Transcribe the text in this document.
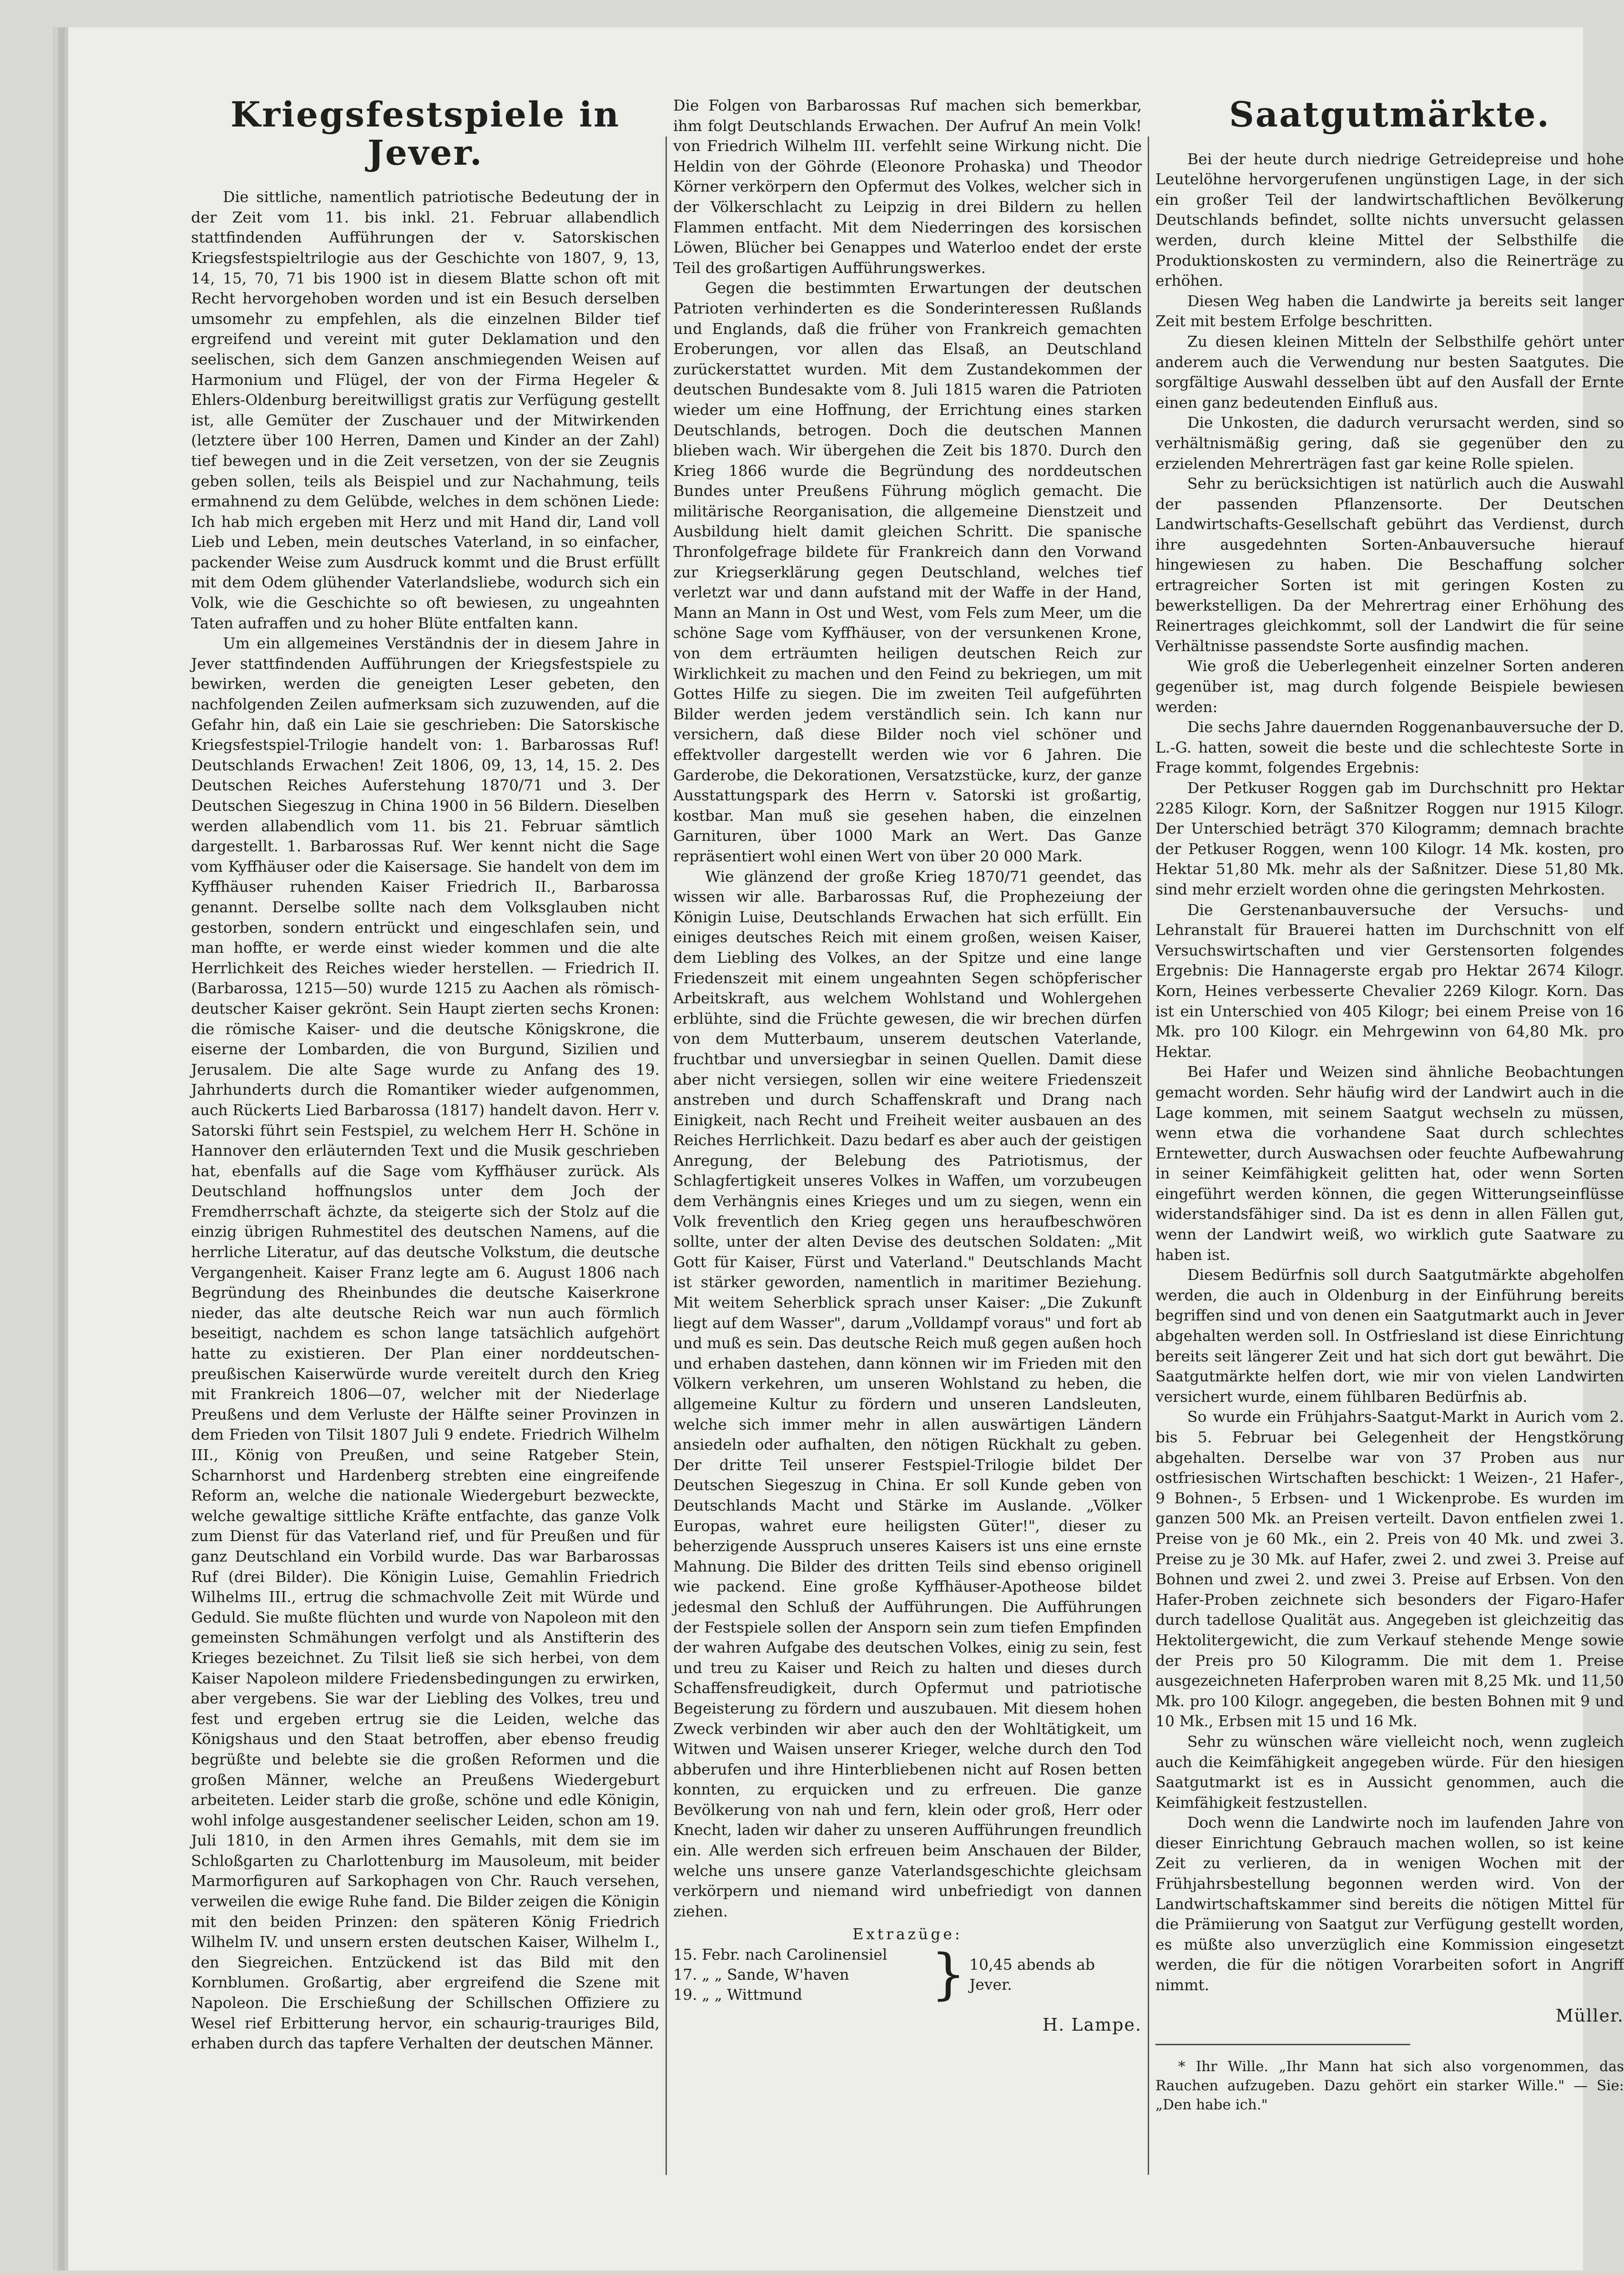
Kriegsfestspiele in Jever.

Die sittliche, namentlich patriotische Bedeutung der in der Zeit vom 11. bis inkl. 21. Februar allabendlich stattfindenden Aufführungen der v. Satorskischen Kriegsfestspieltrilogie aus der Geschichte von 1807, 9, 13, 14, 15, 70, 71 bis 1900 ist in diesem Blatte schon oft mit Recht hervorgehoben worden und ist ein Besuch derselben umsomehr zu empfehlen, als die einzelnen Bilder tief ergreifend und vereint mit guter Deklamation und den seelischen, sich dem Ganzen anschmiegenden Weisen auf Harmonium und Flügel, der von der Firma Hegeler & Ehlers-Oldenburg bereitwilligst gratis zur Verfügung gestellt ist, alle Gemüter der Zuschauer und der Mitwirkenden (letztere über 100 Herren, Damen und Kinder an der Zahl) tief bewegen und in die Zeit versetzen, von der sie Zeugnis geben sollen, teils als Beispiel und zur Nachahmung, teils ermahnend zu dem Gelübde, welches in dem schönen Liede: Ich hab mich ergeben mit Herz und mit Hand dir, Land voll Lieb und Leben, mein deutsches Vaterland, in so einfacher, packender Weise zum Ausdruck kommt und die Brust erfüllt mit dem Odem glühender Vaterlandsliebe, wodurch sich ein Volk, wie die Geschichte so oft bewiesen, zu ungeahnten Taten aufraffen und zu hoher Blüte entfalten kann.

Um ein allgemeines Verständnis der in diesem Jahre in Jever stattfindenden Aufführungen der Kriegsfestspiele zu bewirken, werden die geneigten Leser gebeten, den nachfolgenden Zeilen aufmerksam sich zuzuwenden, auf die Gefahr hin, daß ein Laie sie geschrieben: Die Satorskische Kriegsfestspiel-Trilogie handelt von: 1. Barbarossas Ruf! Deutschlands Erwachen! Zeit 1806, 09, 13, 14, 15. 2. Des Deutschen Reiches Auferstehung 1870/71 und 3. Der Deutschen Siegeszug in China 1900 in 56 Bildern. Dieselben werden allabendlich vom 11. bis 21. Februar sämtlich dargestellt. 1. Barbarossas Ruf. Wer kennt nicht die Sage vom Kyffhäuser oder die Kaisersage. Sie handelt von dem im Kyffhäuser ruhenden Kaiser Friedrich II., Barbarossa genannt. Derselbe sollte nach dem Volksglauben nicht gestorben, sondern entrückt und eingeschlafen sein, und man hoffte, er werde einst wieder kommen und die alte Herrlichkeit des Reiches wieder herstellen. — Friedrich II. (Barbarossa, 1215—50) wurde 1215 zu Aachen als römisch-deutscher Kaiser gekrönt. Sein Haupt zierten sechs Kronen: die römische Kaiser- und die deutsche Königskrone, die eiserne der Lombarden, die von Burgund, Sizilien und Jerusalem. Die alte Sage wurde zu Anfang des 19. Jahrhunderts durch die Romantiker wieder aufgenommen, auch Rückerts Lied Barbarossa (1817) handelt davon. Herr v. Satorski führt sein Festspiel, zu welchem Herr H. Schöne in Hannover den erläuternden Text und die Musik geschrieben hat, ebenfalls auf die Sage vom Kyffhäuser zurück. Als Deutschland hoffnungslos unter dem Joch der Fremdherrschaft ächzte, da steigerte sich der Stolz auf die einzig übrigen Ruhmestitel des deutschen Namens, auf die herrliche Literatur, auf das deutsche Volkstum, die deutsche Vergangenheit. Kaiser Franz legte am 6. August 1806 nach Begründung des Rheinbundes die deutsche Kaiserkrone nieder, das alte deutsche Reich war nun auch förmlich beseitigt, nachdem es schon lange tatsächlich aufgehört hatte zu existieren. Der Plan einer norddeutschen-preußischen Kaiserwürde wurde vereitelt durch den Krieg mit Frankreich 1806—07, welcher mit der Niederlage Preußens und dem Verluste der Hälfte seiner Provinzen in dem Frieden von Tilsit 1807 Juli 9 endete. Friedrich Wilhelm III., König von Preußen, und seine Ratgeber Stein, Scharnhorst und Hardenberg strebten eine eingreifende Reform an, welche die nationale Wiedergeburt bezweckte, welche gewaltige sittliche Kräfte entfachte, das ganze Volk zum Dienst für das Vaterland rief, und für Preußen und für ganz Deutschland ein Vorbild wurde. Das war Barbarossas Ruf (drei Bilder). Die Königin Luise, Gemahlin Friedrich Wilhelms III., ertrug die schmachvolle Zeit mit Würde und Geduld. Sie mußte flüchten und wurde von Napoleon mit den gemeinsten Schmähungen verfolgt und als Anstifterin des Krieges bezeichnet. Zu Tilsit ließ sie sich herbei, von dem Kaiser Napoleon mildere Friedensbedingungen zu erwirken, aber vergebens. Sie war der Liebling des Volkes, treu und fest und ergeben ertrug sie die Leiden, welche das Königshaus und den Staat betroffen, aber ebenso freudig begrüßte und belebte sie die großen Reformen und die großen Männer, welche an Preußens Wiedergeburt arbeiteten. Leider starb die große, schöne und edle Königin, wohl infolge ausgestandener seelischer Leiden, schon am 19. Juli 1810, in den Armen ihres Gemahls, mit dem sie im Schloßgarten zu Charlottenburg im Mausoleum, mit beider Marmorfiguren auf Sarkophagen von Chr. Rauch versehen, verweilen die ewige Ruhe fand. Die Bilder zeigen die Königin mit den beiden Prinzen: den späteren König Friedrich Wilhelm IV. und unsern ersten deutschen Kaiser, Wilhelm I., den Siegreichen. Entzückend ist das Bild mit den Kornblumen. Großartig, aber ergreifend die Szene mit Napoleon. Die Erschießung der Schillschen Offiziere zu Wesel rief Erbitterung hervor, ein schaurig-trauriges Bild, erhaben durch das tapfere Verhalten der deutschen Männer.

Die Folgen von Barbarossas Ruf machen sich bemerkbar, ihm folgt Deutschlands Erwachen. Der Aufruf An mein Volk! von Friedrich Wilhelm III. verfehlt seine Wirkung nicht. Die Heldin von der Göhrde (Eleonore Prohaska) und Theodor Körner verkörpern den Opfermut des Volkes, welcher sich in der Völkerschlacht zu Leipzig in drei Bildern zu hellen Flammen entfacht. Mit dem Niederringen des korsischen Löwen, Blücher bei Genappes und Waterloo endet der erste Teil des großartigen Aufführungswerkes.

Gegen die bestimmten Erwartungen der deutschen Patrioten verhinderten es die Sonderinteressen Rußlands und Englands, daß die früher von Frankreich gemachten Eroberungen, vor allen das Elsaß, an Deutschland zurückerstattet wurden. Mit dem Zustandekommen der deutschen Bundesakte vom 8. Juli 1815 waren die Patrioten wieder um eine Hoffnung, der Errichtung eines starken Deutschlands, betrogen. Doch die deutschen Mannen blieben wach. Wir übergehen die Zeit bis 1870. Durch den Krieg 1866 wurde die Begründung des norddeutschen Bundes unter Preußens Führung möglich gemacht. Die militärische Reorganisation, die allgemeine Dienstzeit und Ausbildung hielt damit gleichen Schritt. Die spanische Thronfolgefrage bildete für Frankreich dann den Vorwand zur Kriegserklärung gegen Deutschland, welches tief verletzt war und dann aufstand mit der Waffe in der Hand, Mann an Mann in Ost und West, vom Fels zum Meer, um die schöne Sage vom Kyffhäuser, von der versunkenen Krone, von dem erträumten heiligen deutschen Reich zur Wirklichkeit zu machen und den Feind zu bekriegen, um mit Gottes Hilfe zu siegen. Die im zweiten Teil aufgeführten Bilder werden jedem verständlich sein. Ich kann nur versichern, daß diese Bilder noch viel schöner und effektvoller dargestellt werden wie vor 6 Jahren. Die Garderobe, die Dekorationen, Versatzstücke, kurz, der ganze Ausstattungspark des Herrn v. Satorski ist großartig, kostbar. Man muß sie gesehen haben, die einzelnen Garnituren, über 1000 Mark an Wert. Das Ganze repräsentiert wohl einen Wert von über 20 000 Mark.

Wie glänzend der große Krieg 1870/71 geendet, das wissen wir alle. Barbarossas Ruf, die Prophezeiung der Königin Luise, Deutschlands Erwachen hat sich erfüllt. Ein einiges deutsches Reich mit einem großen, weisen Kaiser, dem Liebling des Volkes, an der Spitze und eine lange Friedenszeit mit einem ungeahnten Segen schöpferischer Arbeitskraft, aus welchem Wohlstand und Wohlergehen erblühte, sind die Früchte gewesen, die wir brechen dürfen von dem Mutterbaum, unserem deutschen Vaterlande, fruchtbar und unversiegbar in seinen Quellen. Damit diese aber nicht versiegen, sollen wir eine weitere Friedenszeit anstreben und durch Schaffenskraft und Drang nach Einigkeit, nach Recht und Freiheit weiter ausbauen an des Reiches Herrlichkeit. Dazu bedarf es aber auch der geistigen Anregung, der Belebung des Patriotismus, der Schlagfertigkeit unseres Volkes in Waffen, um vorzubeugen dem Verhängnis eines Krieges und um zu siegen, wenn ein Volk freventlich den Krieg gegen uns heraufbeschwören sollte, unter der alten Devise des deutschen Soldaten: „Mit Gott für Kaiser, Fürst und Vaterland." Deutschlands Macht ist stärker geworden, namentlich in maritimer Beziehung. Mit weitem Seherblick sprach unser Kaiser: „Die Zukunft liegt auf dem Wasser", darum „Volldampf voraus" und fort ab und muß es sein. Das deutsche Reich muß gegen außen hoch und erhaben dastehen, dann können wir im Frieden mit den Völkern verkehren, um unseren Wohlstand zu heben, die allgemeine Kultur zu fördern und unseren Landsleuten, welche sich immer mehr in allen auswärtigen Ländern ansiedeln oder aufhalten, den nötigen Rückhalt zu geben. Der dritte Teil unserer Festspiel-Trilogie bildet Der Deutschen Siegeszug in China. Er soll Kunde geben von Deutschlands Macht und Stärke im Auslande. „Völker Europas, wahret eure heiligsten Güter!", dieser zu beherzigende Ausspruch unseres Kaisers ist uns eine ernste Mahnung. Die Bilder des dritten Teils sind ebenso originell wie packend. Eine große Kyffhäuser-Apotheose bildet jedesmal den Schluß der Aufführungen. Die Aufführungen der Festspiele sollen der Ansporn sein zum tiefen Empfinden der wahren Aufgabe des deutschen Volkes, einig zu sein, fest und treu zu Kaiser und Reich zu halten und dieses durch Schaffensfreudigkeit, durch Opfermut und patriotische Begeisterung zu fördern und auszubauen. Mit diesem hohen Zweck verbinden wir aber auch den der Wohltätigkeit, um Witwen und Waisen unserer Krieger, welche durch den Tod abberufen und ihre Hinterbliebenen nicht auf Rosen betten konnten, zu erquicken und zu erfreuen. Die ganze Bevölkerung von nah und fern, klein oder groß, Herr oder Knecht, laden wir daher zu unseren Aufführungen freundlich ein. Alle werden sich erfreuen beim Anschauen der Bilder, welche uns unsere ganze Vaterlandsgeschichte gleichsam verkörpern und niemand wird unbefriedigt von dannen ziehen.

Extrazüge:
15. Febr. nach Carolinensiel
17. „ „ Sande, W'haven
19. „ „ Wittmund	} 10,45 abends ab Jever.
H. Lampe.
Saatgutmärkte.

Bei der heute durch niedrige Getreidepreise und hohe Leutelöhne hervorgerufenen ungünstigen Lage, in der sich ein großer Teil der landwirtschaftlichen Bevölkerung Deutschlands befindet, sollte nichts unversucht gelassen werden, durch kleine Mittel der Selbsthilfe die Produktionskosten zu vermindern, also die Reinerträge zu erhöhen.

Diesen Weg haben die Landwirte ja bereits seit langer Zeit mit bestem Erfolge beschritten.

Zu diesen kleinen Mitteln der Selbsthilfe gehört unter anderem auch die Verwendung nur besten Saatgutes. Die sorgfältige Auswahl desselben übt auf den Ausfall der Ernte einen ganz bedeutenden Einfluß aus.

Die Unkosten, die dadurch verursacht werden, sind so verhältnismäßig gering, daß sie gegenüber den zu erzielenden Mehrerträgen fast gar keine Rolle spielen.

Sehr zu berücksichtigen ist natürlich auch die Auswahl der passenden Pflanzensorte. Der Deutschen Landwirtschafts-Gesellschaft gebührt das Verdienst, durch ihre ausgedehnten Sorten-Anbauversuche hierauf hingewiesen zu haben. Die Beschaffung solcher ertragreicher Sorten ist mit geringen Kosten zu bewerkstelligen. Da der Mehrertrag einer Erhöhung des Reinertrages gleichkommt, soll der Landwirt die für seine Verhältnisse passendste Sorte ausfindig machen.

Wie groß die Ueberlegenheit einzelner Sorten anderen gegenüber ist, mag durch folgende Beispiele bewiesen werden:

Die sechs Jahre dauernden Roggenanbauversuche der D. L.-G. hatten, soweit die beste und die schlechteste Sorte in Frage kommt, folgendes Ergebnis:

Der Petkuser Roggen gab im Durchschnitt pro Hektar 2285 Kilogr. Korn, der Saßnitzer Roggen nur 1915 Kilogr. Der Unterschied beträgt 370 Kilogramm; demnach brachte der Petkuser Roggen, wenn 100 Kilogr. 14 Mk. kosten, pro Hektar 51,80 Mk. mehr als der Saßnitzer. Diese 51,80 Mk. sind mehr erzielt worden ohne die geringsten Mehrkosten.

Die Gerstenanbauversuche der Versuchs- und Lehranstalt für Brauerei hatten im Durchschnitt von elf Versuchswirtschaften und vier Gerstensorten folgendes Ergebnis: Die Hannagerste ergab pro Hektar 2674 Kilogr. Korn, Heines verbesserte Chevalier 2269 Kilogr. Korn. Das ist ein Unterschied von 405 Kilogr; bei einem Preise von 16 Mk. pro 100 Kilogr. ein Mehrgewinn von 64,80 Mk. pro Hektar.

Bei Hafer und Weizen sind ähnliche Beobachtungen gemacht worden. Sehr häufig wird der Landwirt auch in die Lage kommen, mit seinem Saatgut wechseln zu müssen, wenn etwa die vorhandene Saat durch schlechtes Erntewetter, durch Auswachsen oder feuchte Aufbewahrung in seiner Keimfähigkeit gelitten hat, oder wenn Sorten eingeführt werden können, die gegen Witterungseinflüsse widerstandsfähiger sind. Da ist es denn in allen Fällen gut, wenn der Landwirt weiß, wo wirklich gute Saatware zu haben ist.

Diesem Bedürfnis soll durch Saatgutmärkte abgeholfen werden, die auch in Oldenburg in der Einführung bereits begriffen sind und von denen ein Saatgutmarkt auch in Jever abgehalten werden soll. In Ostfriesland ist diese Einrichtung bereits seit längerer Zeit und hat sich dort gut bewährt. Die Saatgutmärkte helfen dort, wie mir von vielen Landwirten versichert wurde, einem fühlbaren Bedürfnis ab.

So wurde ein Frühjahrs-Saatgut-Markt in Aurich vom 2. bis 5. Februar bei Gelegenheit der Hengstkörung abgehalten. Derselbe war von 37 Proben aus nur ostfriesischen Wirtschaften beschickt: 1 Weizen-, 21 Hafer-, 9 Bohnen-, 5 Erbsen- und 1 Wickenprobe. Es wurden im ganzen 500 Mk. an Preisen verteilt. Davon entfielen zwei 1. Preise von je 60 Mk., ein 2. Preis von 40 Mk. und zwei 3. Preise zu je 30 Mk. auf Hafer, zwei 2. und zwei 3. Preise auf Bohnen und zwei 2. und zwei 3. Preise auf Erbsen. Von den Hafer-Proben zeichnete sich besonders der Figaro-Hafer durch tadellose Qualität aus. Angegeben ist gleichzeitig das Hektolitergewicht, die zum Verkauf stehende Menge sowie der Preis pro 50 Kilogramm. Die mit dem 1. Preise ausgezeichneten Haferproben waren mit 8,25 Mk. und 11,50 Mk. pro 100 Kilogr. angegeben, die besten Bohnen mit 9 und 10 Mk., Erbsen mit 15 und 16 Mk.

Sehr zu wünschen wäre vielleicht noch, wenn zugleich auch die Keimfähigkeit angegeben würde. Für den hiesigen Saatgutmarkt ist es in Aussicht genommen, auch die Keimfähigkeit festzustellen.

Doch wenn die Landwirte noch im laufenden Jahre von dieser Einrichtung Gebrauch machen wollen, so ist keine Zeit zu verlieren, da in wenigen Wochen mit der Frühjahrsbestellung begonnen werden wird. Von der Landwirtschaftskammer sind bereits die nötigen Mittel für die Prämiierung von Saatgut zur Verfügung gestellt worden, es müßte also unverzüglich eine Kommission eingesetzt werden, die für die nötigen Vorarbeiten sofort in Angriff nimmt.

Müller.
* Ihr Wille. „Ihr Mann hat sich also vorgenommen, das Rauchen aufzugeben. Dazu gehört ein starker Wille." — Sie: „Den habe ich."
